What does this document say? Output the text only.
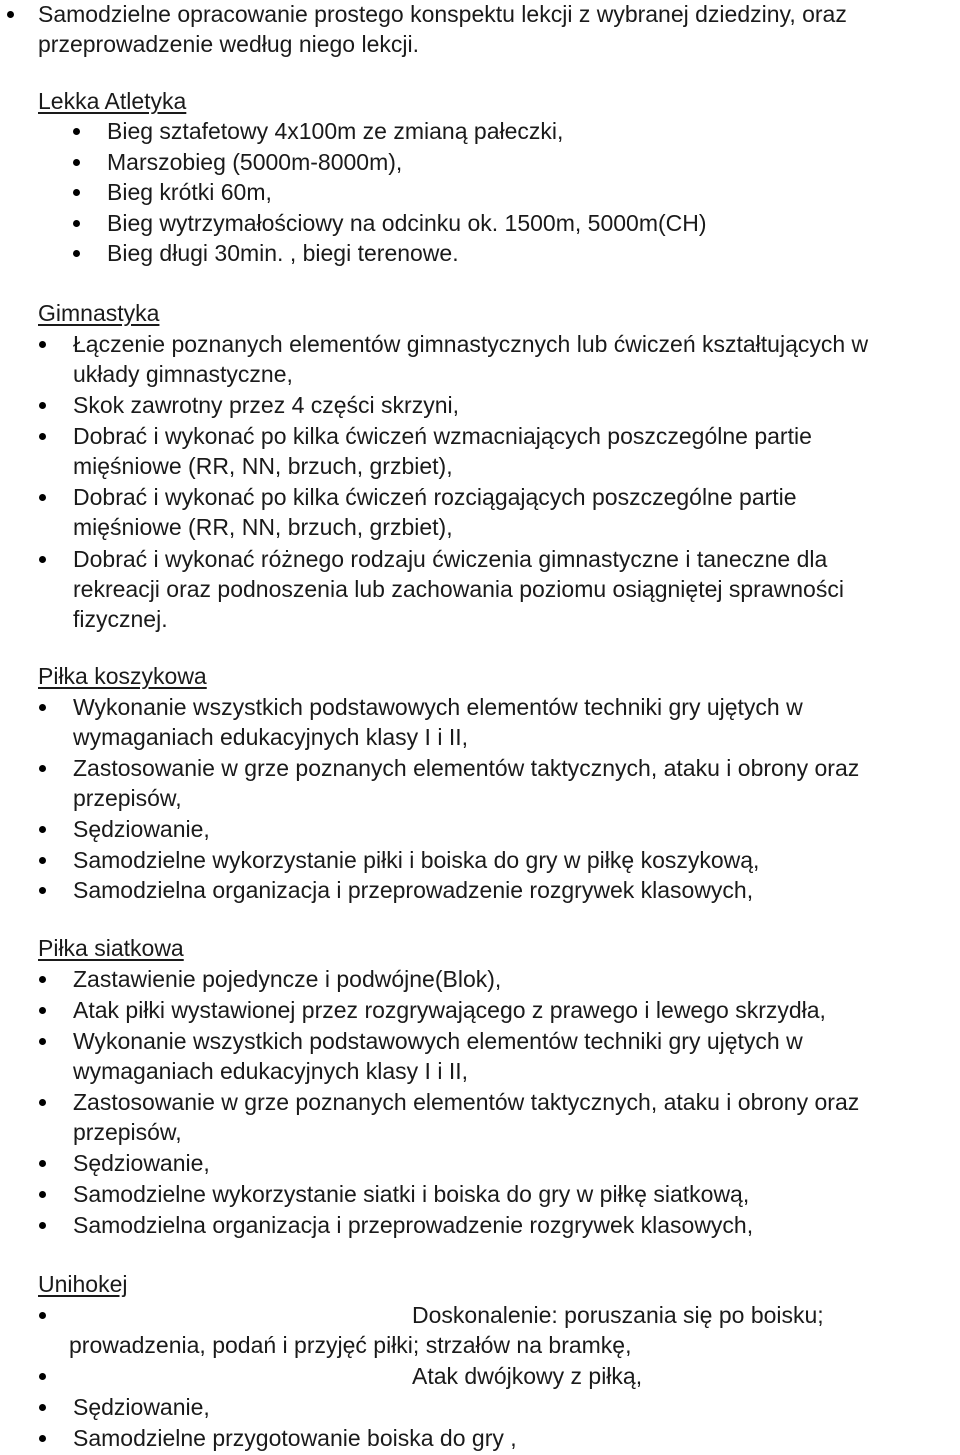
Samodzielne opracowanie prostego konspektu lekcji z wybranej dziedziny, oraz
przeprowadzenie według niego lekcji.
Lekka Atletyka
Bieg sztafetowy 4x100m ze zmianą pałeczki,
Marszobieg (5000m-8000m),
Bieg krótki 60m,
Bieg wytrzymałościowy na odcinku ok. 1500m, 5000m(CH)
Bieg długi 30min. , biegi terenowe.
Gimnastyka
Łączenie poznanych elementów gimnastycznych lub ćwiczeń kształtujących w
układy gimnastyczne,
Skok zawrotny przez 4 części skrzyni,
Dobrać i wykonać po kilka ćwiczeń wzmacniających poszczególne partie
mięśniowe (RR, NN, brzuch, grzbiet),
Dobrać i wykonać po kilka ćwiczeń rozciągających poszczególne partie
mięśniowe (RR, NN, brzuch, grzbiet),
Dobrać i wykonać różnego rodzaju ćwiczenia gimnastyczne i taneczne dla
rekreacji oraz podnoszenia lub zachowania poziomu osiągniętej sprawności
fizycznej.
Piłka koszykowa
Wykonanie wszystkich podstawowych elementów techniki gry ujętych w
wymaganiach edukacyjnych klasy I i II,
Zastosowanie w grze poznanych elementów taktycznych, ataku i obrony oraz
przepisów,
Sędziowanie,
Samodzielne wykorzystanie piłki i boiska do gry w piłkę koszykową,
Samodzielna organizacja i przeprowadzenie rozgrywek klasowych,
Piłka siatkowa
Zastawienie pojedyncze i podwójne(Blok),
Atak piłki wystawionej przez rozgrywającego z prawego i lewego skrzydła,
Wykonanie wszystkich podstawowych elementów techniki gry ujętych w
wymaganiach edukacyjnych klasy I i II,
Zastosowanie w grze poznanych elementów taktycznych, ataku i obrony oraz
przepisów,
Sędziowanie,
Samodzielne wykorzystanie siatki i boiska do gry w piłkę siatkową,
Samodzielna organizacja i przeprowadzenie rozgrywek klasowych,
Unihokej
Doskonalenie: poruszania się po boisku;
prowadzenia, podań i przyjęć piłki; strzałów na bramkę,
Atak dwójkowy z piłką,
Sędziowanie,
Samodzielne przygotowanie boiska do gry ,
